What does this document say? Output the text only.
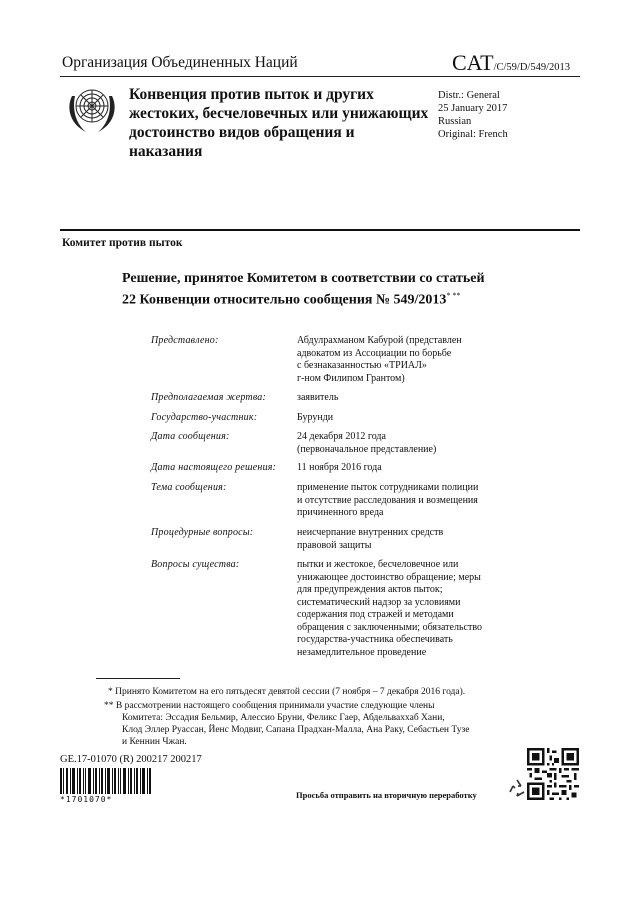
Организация Объединенных Наций	CAT/C/59/D/549/2013
Конвенция против пыток и других жестоких, бесчеловечных или унижающих достоинство видов обращения и наказания
Distr.: General
25 January 2017
Russian
Original: French
Комитет против пыток
Решение, принятое Комитетом в соответствии со статьей 22 Конвенции относительно сообщения № 549/2013* **
Представлено:	Абдулрахманом Кабурой (представлен
адвокатом из Ассоциации по борьбе
с безнаказанностью «ТРИАЛ»
г-ном Филипом Грантом)
Предполагаемая жертва:	заявитель
Государство-участник:	Бурунди
Дата сообщения:	24 декабря 2012 года
(первоначальное представление)
Дата настоящего решения:	11 ноября 2016 года
Тема сообщения:	применение пыток сотрудниками полиции
и отсутствие расследования и возмещения
причиненного вреда
Процедурные вопросы:	неисчерпание внутренних средств
правовой защиты
Вопросы существа:	пытки и жестокое, бесчеловечное или
унижающее достоинство обращение; меры
для предупреждения актов пыток;
систематический надзор за условиями
содержания под стражей и методами
обращения с заключенными; обязательство
государства-участника обеспечивать
незамедлительное проведение
* Принято Комитетом на его пятьдесят девятой сессии (7 ноября – 7 декабря 2016 года).
** В рассмотрении настоящего сообщения принимали участие следующие члены
Комитета: Эссадия Бельмир, Алессио Бруни, Феликс Гаер, Абдельваххаб Хани,
Клод Эллер Руассан, Йенс Модвиг, Сапана Прадхан-Малла, Ана Раку, Себастьен Тузе
и Кеннин Чжан.
GE.17-01070 (R) 200217 200217
*1701070*	Просьба отправить на вторичную переработку
